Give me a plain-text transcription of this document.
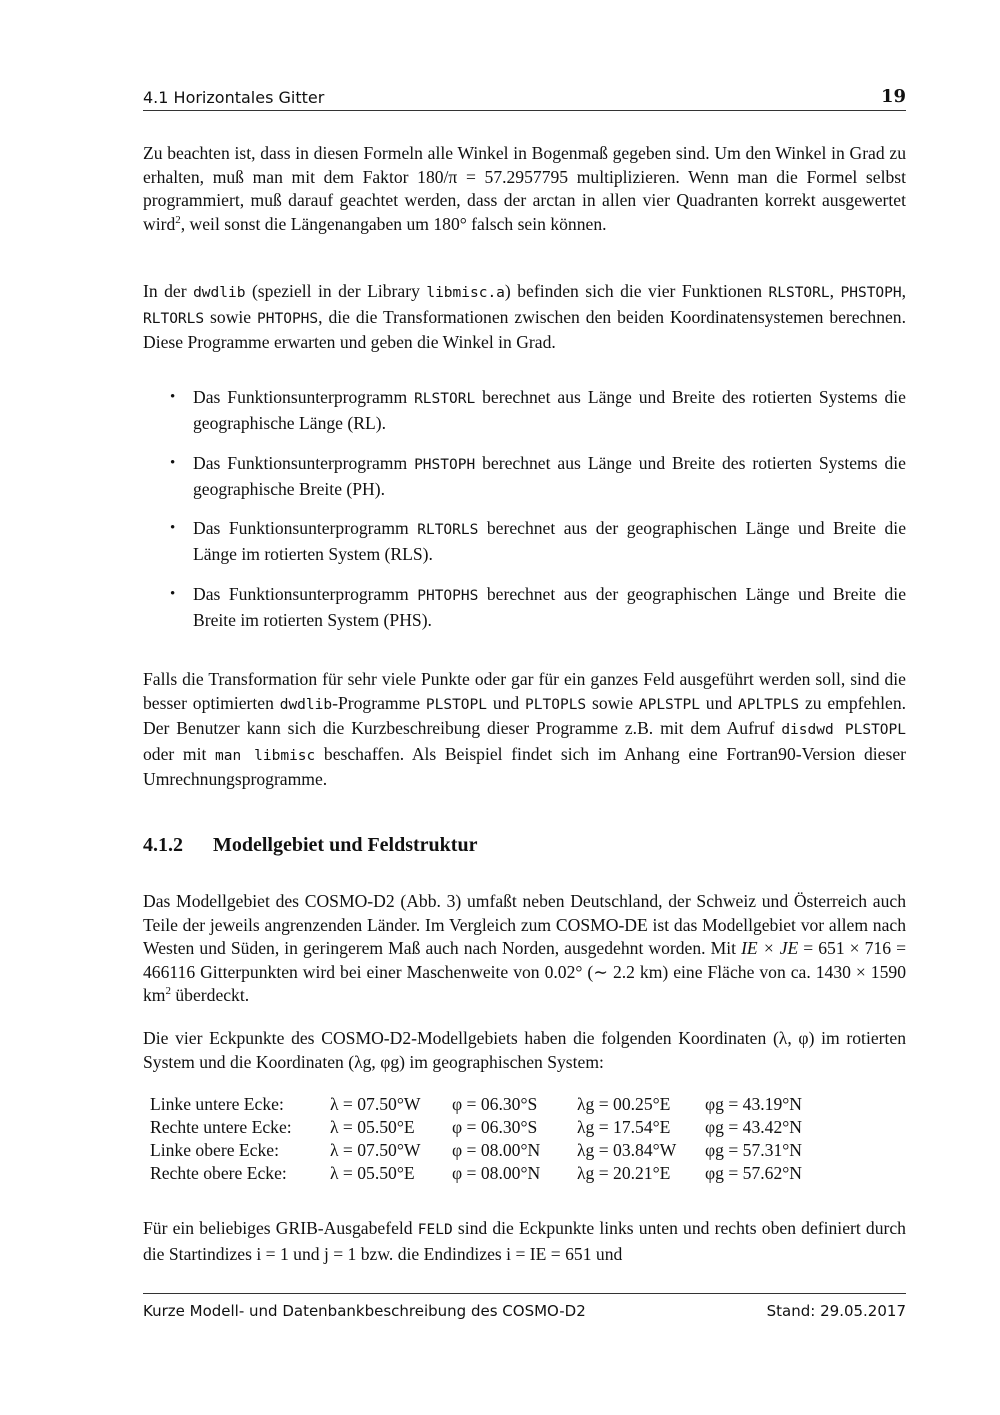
4.1 Horizontales Gitter	19

Zu beachten ist, dass in diesen Formeln alle Winkel in Bogenmaß gegeben sind. Um den Winkel in Grad zu erhalten, muß man mit dem Faktor 180/π = 57.2957795 multiplizieren. Wenn man die Formel selbst programmiert, muß darauf geachtet werden, dass der arctan in allen vier Quadranten korrekt ausgewertet wird$^2$, weil sonst die Längenangaben um 180° falsch sein können.

In der dwdlib (speziell in der Library libmisc.a) befinden sich die vier Funktionen RLSTORL, PHSTOPH, RLTORLS sowie PHTOPHS, die die Transformationen zwischen den beiden Koordinatensystemen berechnen. Diese Programme erwarten und geben die Winkel in Grad.

• Das Funktionsunterprogramm RLSTORL berechnet aus Länge und Breite des rotierten Systems die geographische Länge (RL).
• Das Funktionsunterprogramm PHSTOPH berechnet aus Länge und Breite des rotierten Systems die geographische Breite (PH).
• Das Funktionsunterprogramm RLTORLS berechnet aus der geographischen Länge und Breite die Länge im rotierten System (RLS).
• Das Funktionsunterprogramm PHTOPHS berechnet aus der geographischen Länge und Breite die Breite im rotierten System (PHS).

Falls die Transformation für sehr viele Punkte oder gar für ein ganzes Feld ausgeführt werden soll, sind die besser optimierten dwdlib-Programme PLSTOPL und PLTOPLS sowie APLSTPL und APLTPLS zu empfehlen. Der Benutzer kann sich die Kurzbeschreibung dieser Programme z.B. mit dem Aufruf disdwd PLSTOPL oder mit man libmisc beschaffen. Als Beispiel findet sich im Anhang eine Fortran90-Version dieser Umrechnungsprogramme.

4.1.2 Modellgebiet und Feldstruktur

Das Modellgebiet des COSMO-D2 (Abb. 3) umfaßt neben Deutschland, der Schweiz und Österreich auch Teile der jeweils angrenzenden Länder. Im Vergleich zum COSMO-DE ist das Modellgebiet vor allem nach Westen und Süden, in geringerem Maß auch nach Norden, ausgedehnt worden. Mit IE × JE = 651 × 716 = 466116 Gitterpunkten wird bei einer Maschenweite von 0.02° (∼ 2.2 km) eine Fläche von ca. 1430 × 1590 $km^2$ überdeckt.

Die vier Eckpunkte des COSMO-D2-Modellgebiets haben die folgenden Koordinaten (λ, φ) im rotierten System und die Koordinaten (λg, φg) im geographischen System:

Linke untere Ecke:	λ = 07.50°W	φ = 06.30°S	λg = 00.25°E	φg = 43.19°N
Rechte untere Ecke:	λ = 05.50°E	φ = 06.30°S	λg = 17.54°E	φg = 43.42°N
Linke obere Ecke:	λ = 07.50°W	φ = 08.00°N	λg = 03.84°W	φg = 57.31°N
Rechte obere Ecke:	λ = 05.50°E	φ = 08.00°N	λg = 20.21°E	φg = 57.62°N

Für ein beliebiges GRIB-Ausgabefeld FELD sind die Eckpunkte links unten und rechts oben definiert durch die Startindizes i = 1 und j = 1 bzw. die Endindizes i = IE = 651 und

Kurze Modell- und Datenbankbeschreibung des COSMO-D2	Stand: 29.05.2017
